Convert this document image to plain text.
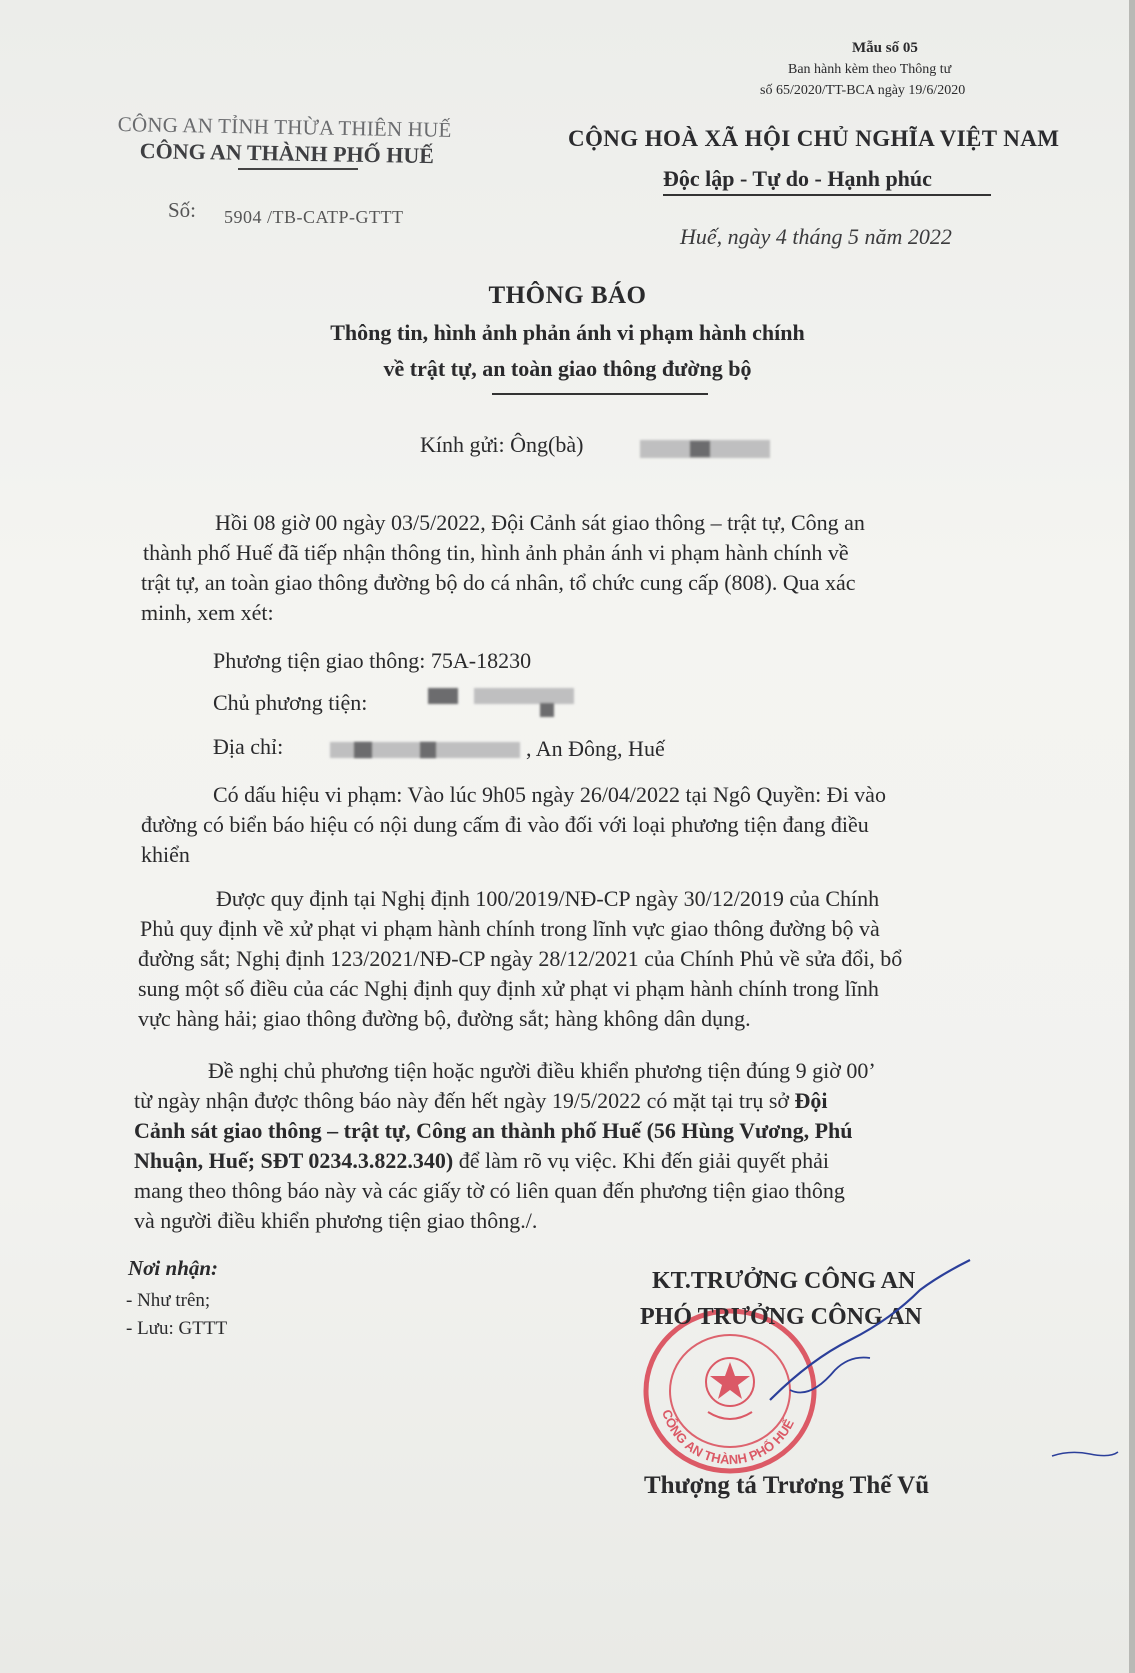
Mẫu số 05
Ban hành kèm theo Thông tư
số 65/2020/TT-BCA ngày 19/6/2020
CÔNG AN TỈNH THỪA THIÊN HUẾ
CÔNG AN THÀNH PHỐ HUẾ
Số: 5904 /TB-CATP-GTTT
CỘNG HOÀ XÃ HỘI CHỦ NGHĨA VIỆT NAM
Độc lập - Tự do - Hạnh phúc
Huế, ngày 4 tháng 5 năm 2022
THÔNG BÁO
Thông tin, hình ảnh phản ánh vi phạm hành chính
về trật tự, an toàn giao thông đường bộ
Kính gửi: Ông(bà)
Hồi 08 giờ 00 ngày 03/5/2022, Đội Cảnh sát giao thông – trật tự, Công an
thành phố Huế đã tiếp nhận thông tin, hình ảnh phản ánh vi phạm hành chính về
trật tự, an toàn giao thông đường bộ do cá nhân, tổ chức cung cấp (808). Qua xác
minh, xem xét:
Phương tiện giao thông: 75A-18230
Chủ phương tiện:
Địa chỉ:	, An Đông, Huế
Có dấu hiệu vi phạm: Vào lúc 9h05 ngày 26/04/2022 tại Ngô Quyền: Đi vào
đường có biển báo hiệu có nội dung cấm đi vào đối với loại phương tiện đang điều
khiển
Được quy định tại Nghị định 100/2019/NĐ-CP ngày 30/12/2019 của Chính
Phủ quy định về xử phạt vi phạm hành chính trong lĩnh vực giao thông đường bộ và
đường sắt; Nghị định 123/2021/NĐ-CP ngày 28/12/2021 của Chính Phủ về sửa đổi, bổ
sung một số điều của các Nghị định quy định xử phạt vi phạm hành chính trong lĩnh
vực hàng hải; giao thông đường bộ, đường sắt; hàng không dân dụng.
Đề nghị chủ phương tiện hoặc người điều khiển phương tiện đúng 9 giờ 00’
từ ngày nhận được thông báo này đến hết ngày 19/5/2022 có mặt tại trụ sở Đội
Cảnh sát giao thông – trật tự, Công an thành phố Huế (56 Hùng Vương, Phú
Nhuận, Huế; SĐT 0234.3.822.340) để làm rõ vụ việc. Khi đến giải quyết phải
mang theo thông báo này và các giấy tờ có liên quan đến phương tiện giao thông
và người điều khiển phương tiện giao thông./.
Nơi nhận:
- Như trên;
- Lưu: GTTT
CÔNG AN THÀNH PHỐ HUẾ
KT.TRƯỞNG CÔNG AN
PHÓ TRƯỞNG CÔNG AN
Thượng tá Trương Thế Vũ
